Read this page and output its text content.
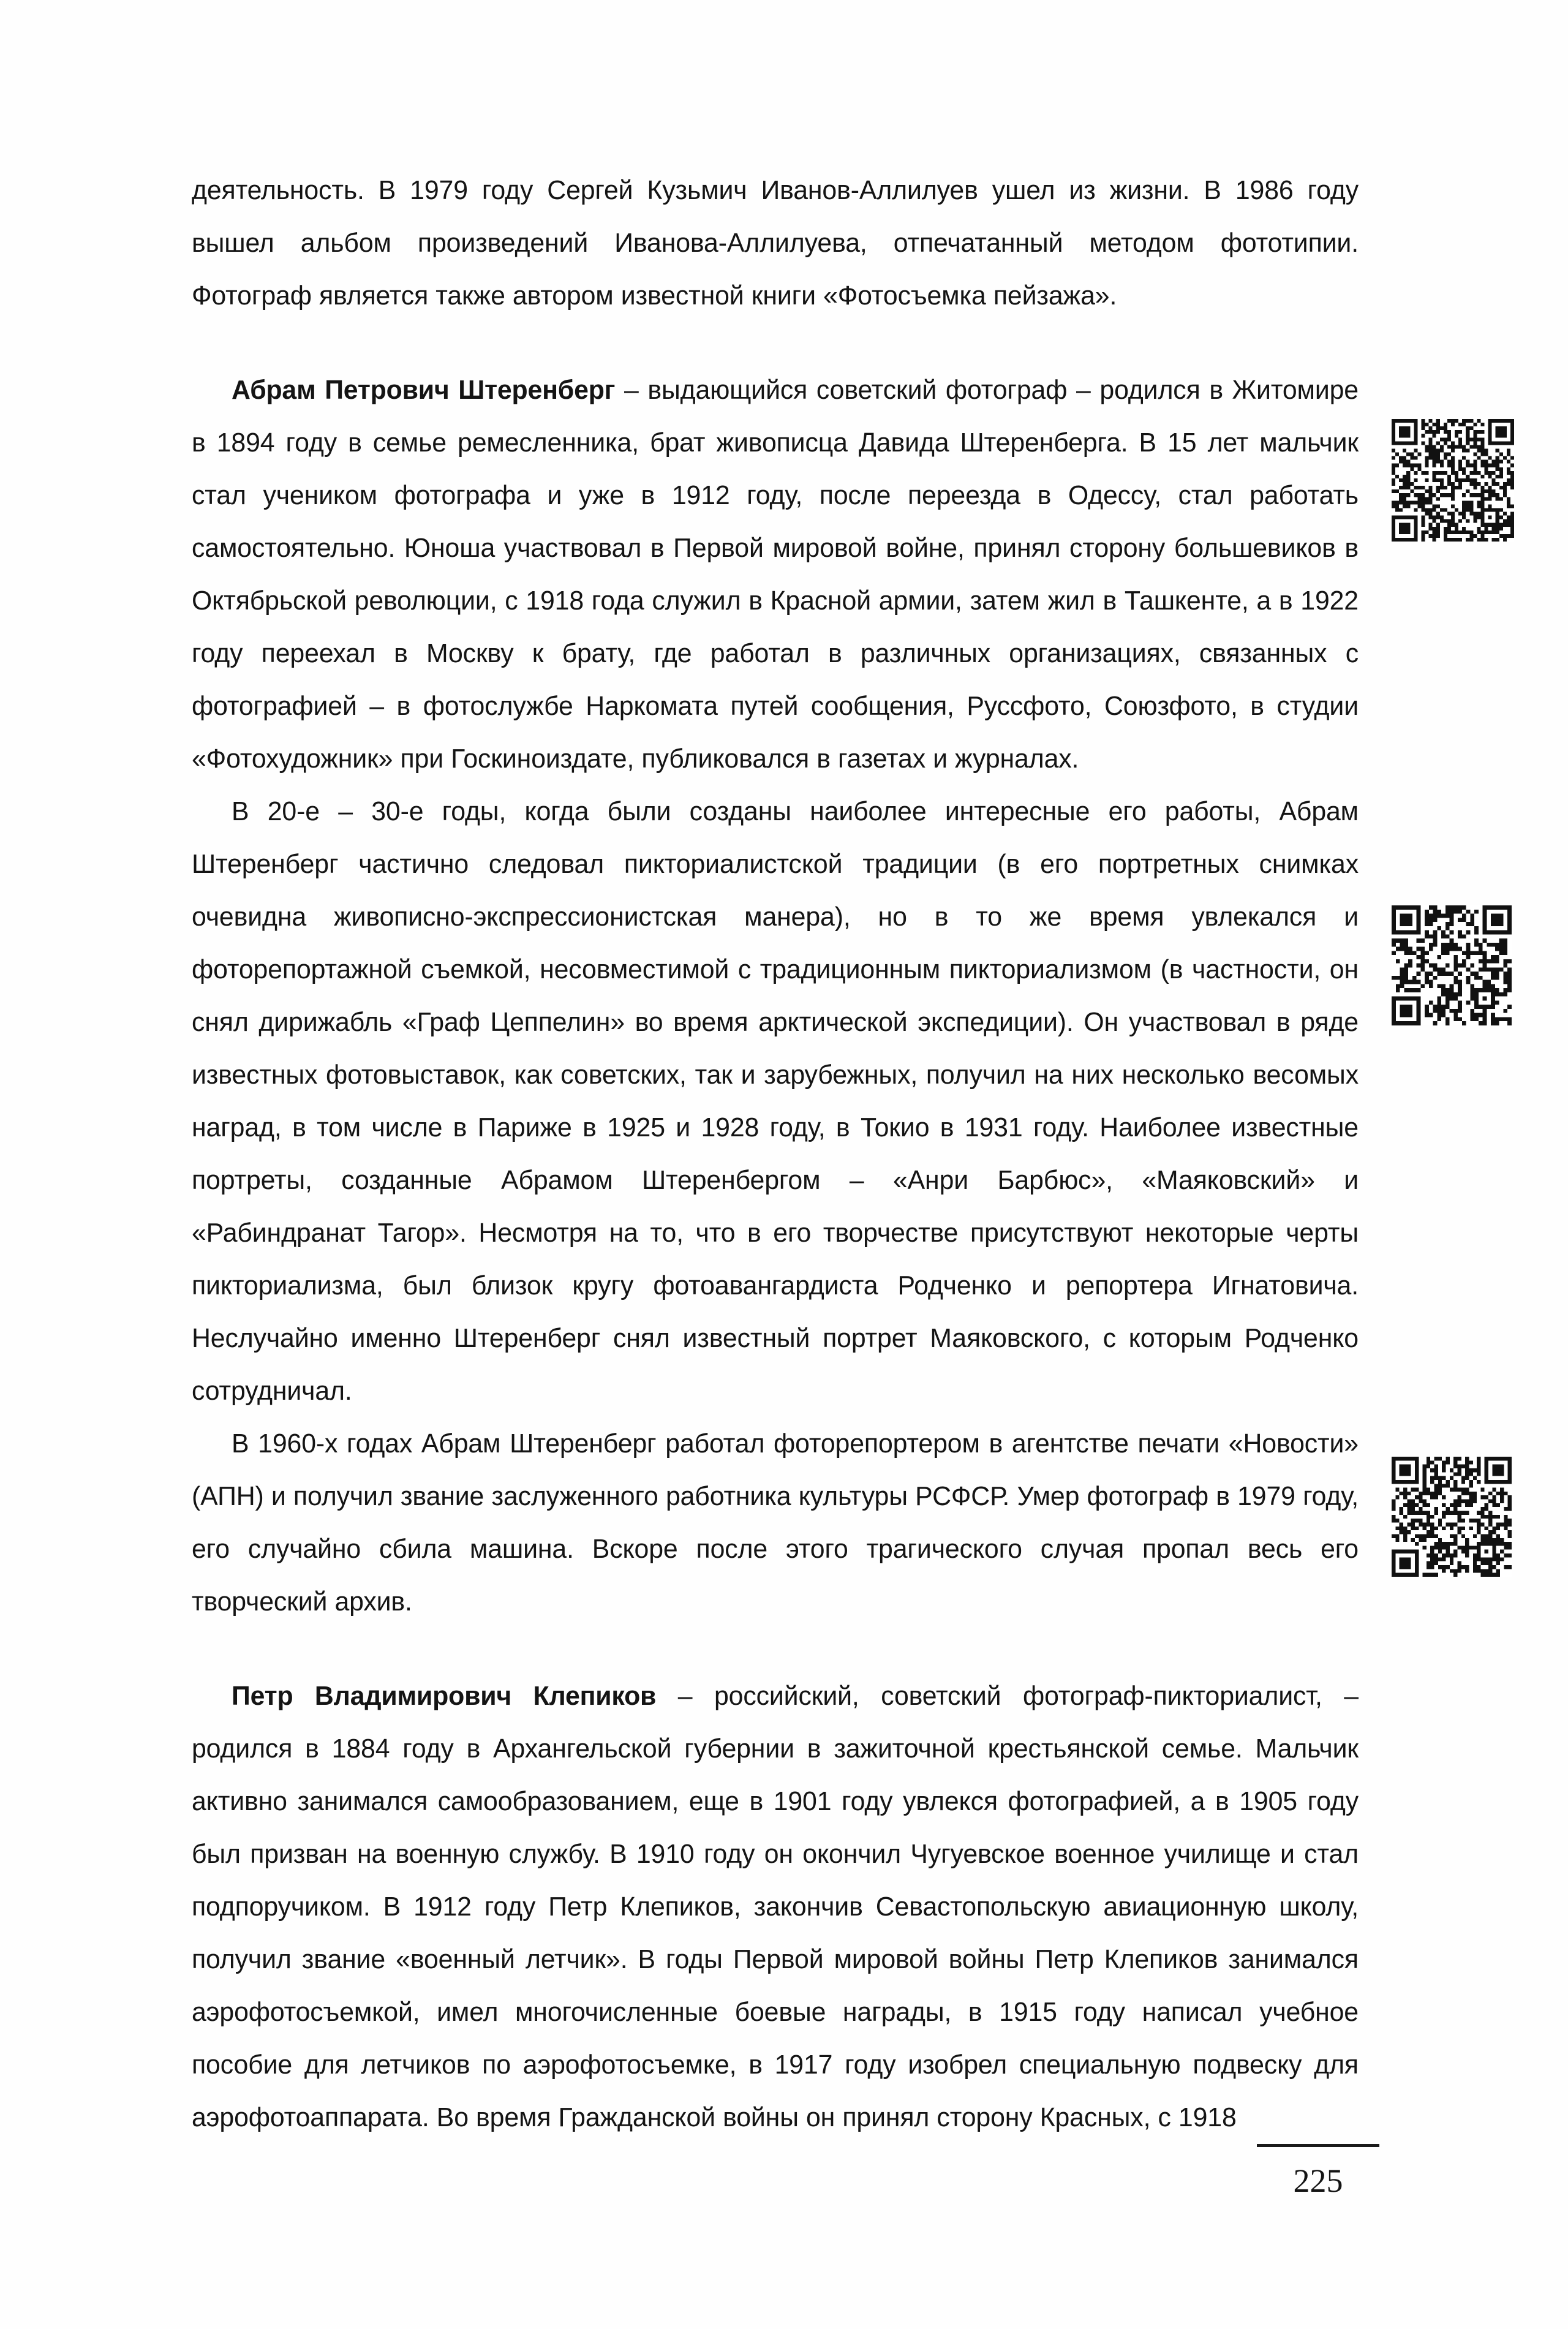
деятельность. В 1979 году Сергей Кузьмич Иванов-Аллилуев ушел из жизни. В 1986 году вышел альбом произведений Иванова-Аллилуева, отпечатанный методом фототипии. Фотограф является также автором известной книги «Фотосъемка пейзажа».

Абрам Петрович Штеренберг – выдающийся советский фотограф – родился в Житомире в 1894 году в семье ремесленника, брат живописца Давида Штеренберга. В 15 лет мальчик стал учеником фотографа и уже в 1912 году, после переезда в Одессу, стал работать самостоятельно. Юноша участвовал в Первой мировой войне, принял сторону большевиков в Октябрьской революции, с 1918 года служил в Красной армии, затем жил в Ташкенте, а в 1922 году переехал в Москву к брату, где работал в различных организациях, связанных с фотографией – в фотослужбе Наркомата путей сообщения, Руссфото, Союзфото, в студии «Фотохудожник» при Госкиноиздате, публиковался в газетах и журналах.

В 20-е – 30-е годы, когда были созданы наиболее интересные его работы, Абрам Штеренберг частично следовал пикториалистской традиции (в его портретных снимках очевидна живописно-экспрессионистская манера), но в то же время увлекался и фоторепортажной съемкой, несовместимой с традиционным пикториализмом (в частности, он снял дирижабль «Граф Цеппелин» во время арктической экспедиции). Он участвовал в ряде известных фотовыставок, как советских, так и зарубежных, получил на них несколько весомых наград, в том числе в Париже в 1925 и 1928 году, в Токио в 1931 году. Наиболее известные портреты, созданные Абрамом Штеренбергом – «Анри Барбюс», «Маяковский» и «Рабиндранат Тагор». Несмотря на то, что в его творчестве присутствуют некоторые черты пикториализма, был близок кругу фотоавангардиста Родченко и репортера Игнатовича. Неслучайно именно Штеренберг снял известный портрет Маяковского, с которым Родченко сотрудничал.

В 1960-х годах Абрам Штеренберг работал фоторепортером в агентстве печати «Новости» (АПН) и получил звание заслуженного работника культуры РСФСР. Умер фотограф в 1979 году, его случайно сбила машина. Вскоре после этого трагического случая пропал весь его творческий архив.

Петр Владимирович Клепиков – российский, советский фотограф-пикториалист, – родился в 1884 году в Архангельской губернии в зажиточной крестьянской семье. Мальчик активно занимался самообразованием, еще в 1901 году увлекся фотографией, а в 1905 году был призван на военную службу. В 1910 году он окончил Чугуевское военное училище и стал подпоручиком. В 1912 году Петр Клепиков, закончив Севастопольскую авиационную школу, получил звание «военный летчик». В годы Первой мировой войны Петр Клепиков занимался аэрофотосъемкой, имел многочисленные боевые награды, в 1915 году написал учебное пособие для летчиков по аэрофотосъемке, в 1917 году изобрел специальную подвеску для аэрофотоаппарата. Во время Гражданской войны он принял сторону Красных, с 1918

225
